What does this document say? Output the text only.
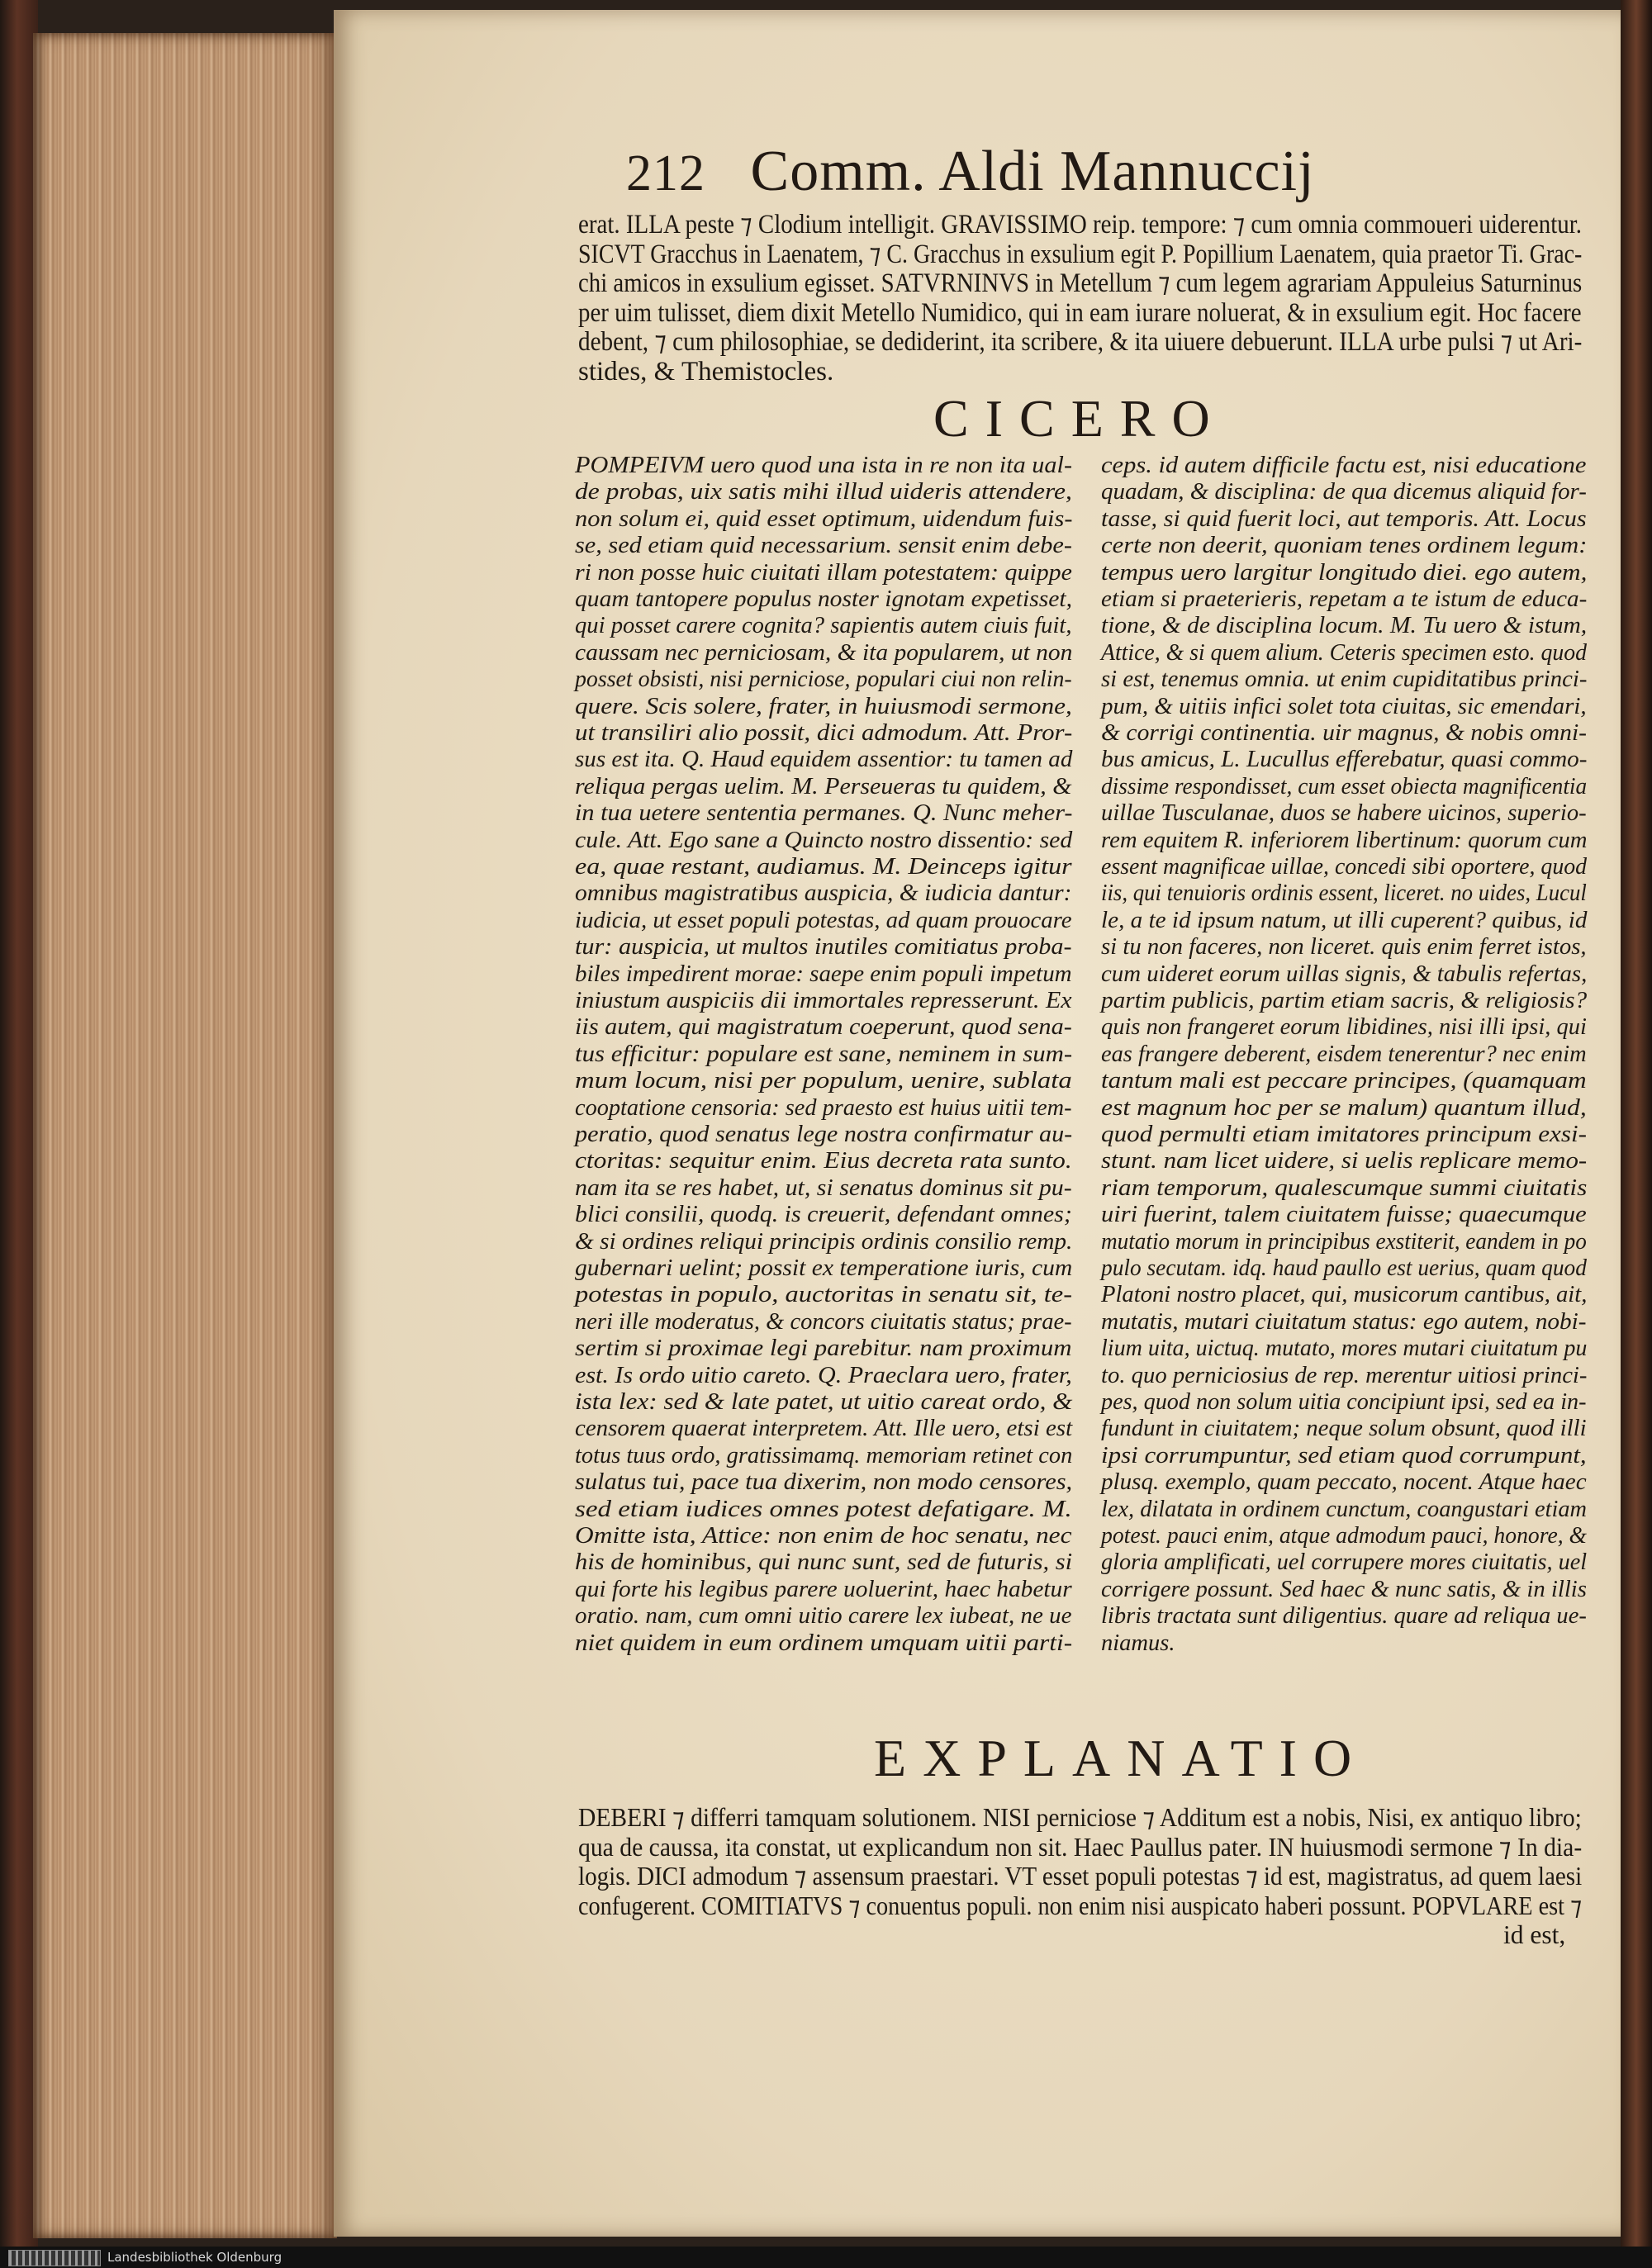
212 Comm. Aldi Mannuccij
erat. ILLA peste ⁊ Clodium intelligit. GRAVISSIMO reip. tempore: ⁊ cum omnia commoueri uiderentur.
SICVT Gracchus in Laenatem, ⁊ C. Gracchus in exsulium egit P. Popillium Laenatem, quia praetor Ti. Grac-
chi amicos in exsulium egisset. SATVRNINVS in Metellum ⁊ cum legem agrariam Appuleius Saturninus
per uim tulisset, diem dixit Metello Numidico, qui in eam iurare noluerat, & in exsulium egit. Hoc facere
debent, ⁊ cum philosophiae, se dediderint, ita scribere, & ita uiuere debuerunt. ILLA urbe pulsi ⁊ ut Ari-
stides, & Themistocles.
CICERO
POMPEIVM uero quod una ista in re non ita ual-
de probas, uix satis mihi illud uideris attendere,
non solum ei, quid esset optimum, uidendum fuis-
se, sed etiam quid necessarium. sensit enim debe-
ri non posse huic ciuitati illam potestatem: quippe
quam tantopere populus noster ignotam expetisset,
qui posset carere cognita? sapientis autem ciuis fuit,
caussam nec perniciosam, & ita popularem, ut non
posset obsisti, nisi perniciose, populari ciui non relin-
quere. Scis solere, frater, in huiusmodi sermone,
ut transiliri alio possit, dici admodum. Att. Pror-
sus est ita. Q. Haud equidem assentior: tu tamen ad
reliqua pergas uelim. M. Perseueras tu quidem, &
in tua uetere sententia permanes. Q. Nunc meher-
cule. Att. Ego sane a Quincto nostro dissentio: sed
ea, quae restant, audiamus. M. Deinceps igitur
omnibus magistratibus auspicia, & iudicia dantur:
iudicia, ut esset populi potestas, ad quam prouocare
tur: auspicia, ut multos inutiles comitiatus proba-
biles impedirent morae: saepe enim populi impetum
iniustum auspiciis dii immortales represserunt. Ex
iis autem, qui magistratum coeperunt, quod sena-
tus efficitur: populare est sane, neminem in sum-
mum locum, nisi per populum, uenire, sublata
cooptatione censoria: sed praesto est huius uitii tem-
peratio, quod senatus lege nostra confirmatur au-
ctoritas: sequitur enim. Eius decreta rata sunto.
nam ita se res habet, ut, si senatus dominus sit pu-
blici consilii, quodq. is creuerit, defendant omnes;
& si ordines reliqui principis ordinis consilio remp.
gubernari uelint; possit ex temperatione iuris, cum
potestas in populo, auctoritas in senatu sit, te-
neri ille moderatus, & concors ciuitatis status; prae-
sertim si proximae legi parebitur. nam proximum
est. Is ordo uitio careto. Q. Praeclara uero, frater,
ista lex: sed & late patet, ut uitio careat ordo, &
censorem quaerat interpretem. Att. Ille uero, etsi est
totus tuus ordo, gratissimamq. memoriam retinet con
sulatus tui, pace tua dixerim, non modo censores,
sed etiam iudices omnes potest defatigare. M.
Omitte ista, Attice: non enim de hoc senatu, nec
his de hominibus, qui nunc sunt, sed de futuris, si
qui forte his legibus parere uoluerint, haec habetur
oratio. nam, cum omni uitio carere lex iubeat, ne ue
niet quidem in eum ordinem umquam uitii parti-
ceps. id autem difficile factu est, nisi educatione
quadam, & disciplina: de qua dicemus aliquid for-
tasse, si quid fuerit loci, aut temporis. Att. Locus
certe non deerit, quoniam tenes ordinem legum:
tempus uero largitur longitudo diei. ego autem,
etiam si praeterieris, repetam a te istum de educa-
tione, & de disciplina locum. M. Tu uero & istum,
Attice, & si quem alium. Ceteris specimen esto. quod
si est, tenemus omnia. ut enim cupiditatibus princi-
pum, & uitiis infici solet tota ciuitas, sic emendari,
& corrigi continentia. uir magnus, & nobis omni-
bus amicus, L. Lucullus efferebatur, quasi commo-
dissime respondisset, cum esset obiecta magnificentia
uillae Tusculanae, duos se habere uicinos, superio-
rem equitem R. inferiorem libertinum: quorum cum
essent magnificae uillae, concedi sibi oportere, quod
iis, qui tenuioris ordinis essent, liceret. no uides, Lucul
le, a te id ipsum natum, ut illi cuperent? quibus, id
si tu non faceres, non liceret. quis enim ferret istos,
cum uideret eorum uillas signis, & tabulis refertas,
partim publicis, partim etiam sacris, & religiosis?
quis non frangeret eorum libidines, nisi illi ipsi, qui
eas frangere deberent, eisdem tenerentur? nec enim
tantum mali est peccare principes, (quamquam
est magnum hoc per se malum) quantum illud,
quod permulti etiam imitatores principum exsi-
stunt. nam licet uidere, si uelis replicare memo-
riam temporum, qualescumque summi ciuitatis
uiri fuerint, talem ciuitatem fuisse; quaecumque
mutatio morum in principibus exstiterit, eandem in po
pulo secutam. idq. haud paullo est uerius, quam quod
Platoni nostro placet, qui, musicorum cantibus, ait,
mutatis, mutari ciuitatum status: ego autem, nobi-
lium uita, uictuq. mutato, mores mutari ciuitatum pu
to. quo perniciosius de rep. merentur uitiosi princi-
pes, quod non solum uitia concipiunt ipsi, sed ea in-
fundunt in ciuitatem; neque solum obsunt, quod illi
ipsi corrumpuntur, sed etiam quod corrumpunt,
plusq. exemplo, quam peccato, nocent. Atque haec
lex, dilatata in ordinem cunctum, coangustari etiam
potest. pauci enim, atque admodum pauci, honore, &
gloria amplificati, uel corrupere mores ciuitatis, uel
corrigere possunt. Sed haec & nunc satis, & in illis
libris tractata sunt diligentius. quare ad reliqua ue-
niamus.
EXPLANATIO
DEBERI ⁊ differri tamquam solutionem. NISI perniciose ⁊ Additum est a nobis, Nisi, ex antiquo libro;
qua de caussa, ita constat, ut explicandum non sit. Haec Paullus pater. IN huiusmodi sermone ⁊ In dia-
logis. DICI admodum ⁊ assensum praestari. VT esset populi potestas ⁊ id est, magistratus, ad quem laesi
confugerent. COMITIATVS ⁊ conuentus populi. non enim nisi auspicato haberi possunt. POPVLARE est ⁊
id est,
Landesbibliothek Oldenburg
